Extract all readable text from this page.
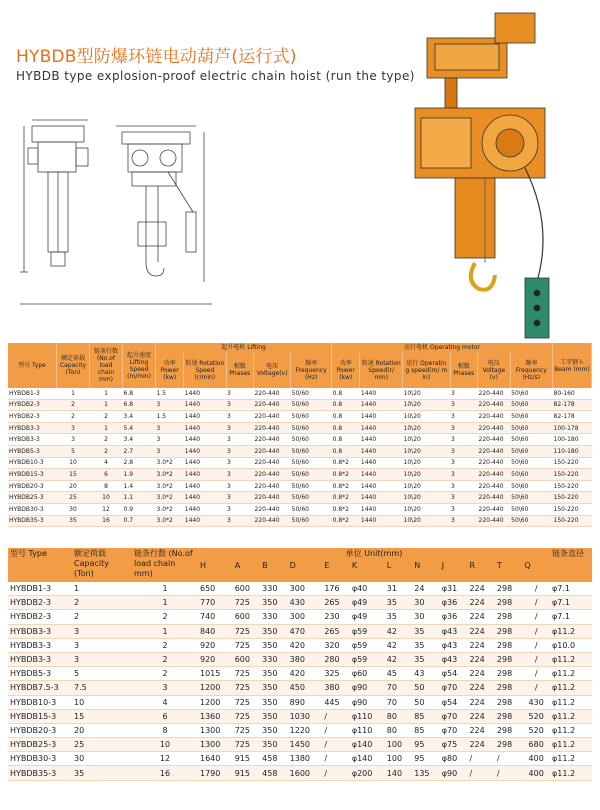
HYBDB型防爆环链电动葫芦(运行式)
HYBDB type explosion-proof electric chain hoist (run the type)
型号 Type	额定荷载 Capacity (Ton)	链条行数 (No.of load chain mm)	起升速度 Lifting Speed (m/min)	起升电机 Lifting					运行电机 Operating motor						工字钢 I-Beam (mm)
				功率 Power (kw)	转速 Rotation Speed (r/min)	相数 Phases	电压 Voltage(v)	频率 Frequency (Hz)	功率 Power (kw)	转速 Rotation Speed(r/ min)	运行 Operatin g speed(m/ m in)	相数 Phases	电压 Voltage (v)	频率 Frequency (Hz/s)	
HYBDB1-3	1	1	6.8	1.5	1440	3	220-440	50/60	0.8	1440	10\20	3	220-440	50\60	80-160
HYBDB2-3	2	1	6.8	3	1440	3	220-440	50/60	0.8	1440	10\20	3	220-440	50\60	82-178
HYBDB2-3	2	2	3.4	1.5	1440	3	220-440	50/60	0.8	1440	10\20	3	220-440	50\60	82-178
HYBDB3-3	3	1	5.4	3	1440	3	220-440	50/60	0.8	1440	10\20	3	220-440	50\60	100-178
HYBDB3-3	3	2	3.4	3	1440	3	220-440	50/60	0.8	1440	10\20	3	220-440	50\60	100-180
HYBDB5-3	5	2	2.7	3	1440	3	220-440	50/60	0.8	1440	10\20	3	220-440	50\60	110-180
HYBDB10-3	10	4	2.8	3.0*2	1440	3	220-440	50/60	0.8*2	1440	10\20	3	220-440	50\60	150-220
HYBDB15-3	15	6	1.9	3.0*2	1440	3	220-440	50/60	0.8*2	1440	10\20	3	220-440	50\60	150-220
HYBDB20-3	20	8	1.4	3.0*2	1440	3	220-440	50/60	0.8*2	1440	10\20	3	220-440	50\60	150-220
HYBDB25-3	25	10	1.1	3.0*2	1440	3	220-440	50/60	0.8*2	1440	10\20	3	220-440	50\60	150-220
HYBDB30-3	30	12	0.9	3.0*2	1440	3	220-440	50/60	0.8*2	1440	10\20	3	220-440	50\60	150-220
HYBDB35-3	35	16	0.7	3.0*2	1440	3	220-440	50/60	0.8*2	1440	10\20	3	220-440	50\60	150-220
型号 Type	额定荷载 Capacity (Ton)	链条行数 (No.of load chain mm)	单位 Unit(mm)												链条直径
			H	A	B	D	E	K	L	N	J	R	T	Q	
HYBDB1-3	1	1	650	600	330	300	176	φ40	31	24	φ31	224	298	/	φ7.1
HYBDB2-3	2	1	770	725	350	430	265	φ49	35	30	φ36	224	298	/	φ7.1
HYBDB2-3	2	2	740	600	330	300	230	φ49	35	30	φ36	224	298	/	φ7.1
HYBDB3-3	3	1	840	725	350	470	265	φ59	42	35	φ43	224	298	/	φ11.2
HYBDB3-3	3	2	920	725	350	420	320	φ59	42	35	φ43	224	298	/	φ10.0
HYBDB3-3	3	2	920	600	330	380	280	φ59	42	35	φ43	224	298	/	φ11.2
HYBDB5-3	5	2	1015	725	350	420	325	φ60	45	43	φ54	224	298	/	φ11.2
HYBDB7.5-3	7.5	3	1200	725	350	450	380	φ90	70	50	φ70	224	298	/	φ11.2
HYBDB10-3	10	4	1200	725	350	890	445	φ90	70	50	φ54	224	298	430	φ11.2
HYBDB15-3	15	6	1360	725	350	1030	/	φ110	80	85	φ70	224	298	520	φ11.2
HYBDB20-3	20	8	1300	725	350	1220	/	φ110	80	85	φ70	224	298	520	φ11.2
HYBDB25-3	25	10	1300	725	350	1450	/	φ140	100	95	φ75	224	298	680	φ11.2
HYBDB30-3	30	12	1640	915	458	1380	/	φ140	100	95	φ80	/	/	400	φ11.2
HYBDB35-3	35	16	1790	915	458	1600	/	φ200	140	135	φ90	/	/	400	φ11.2
